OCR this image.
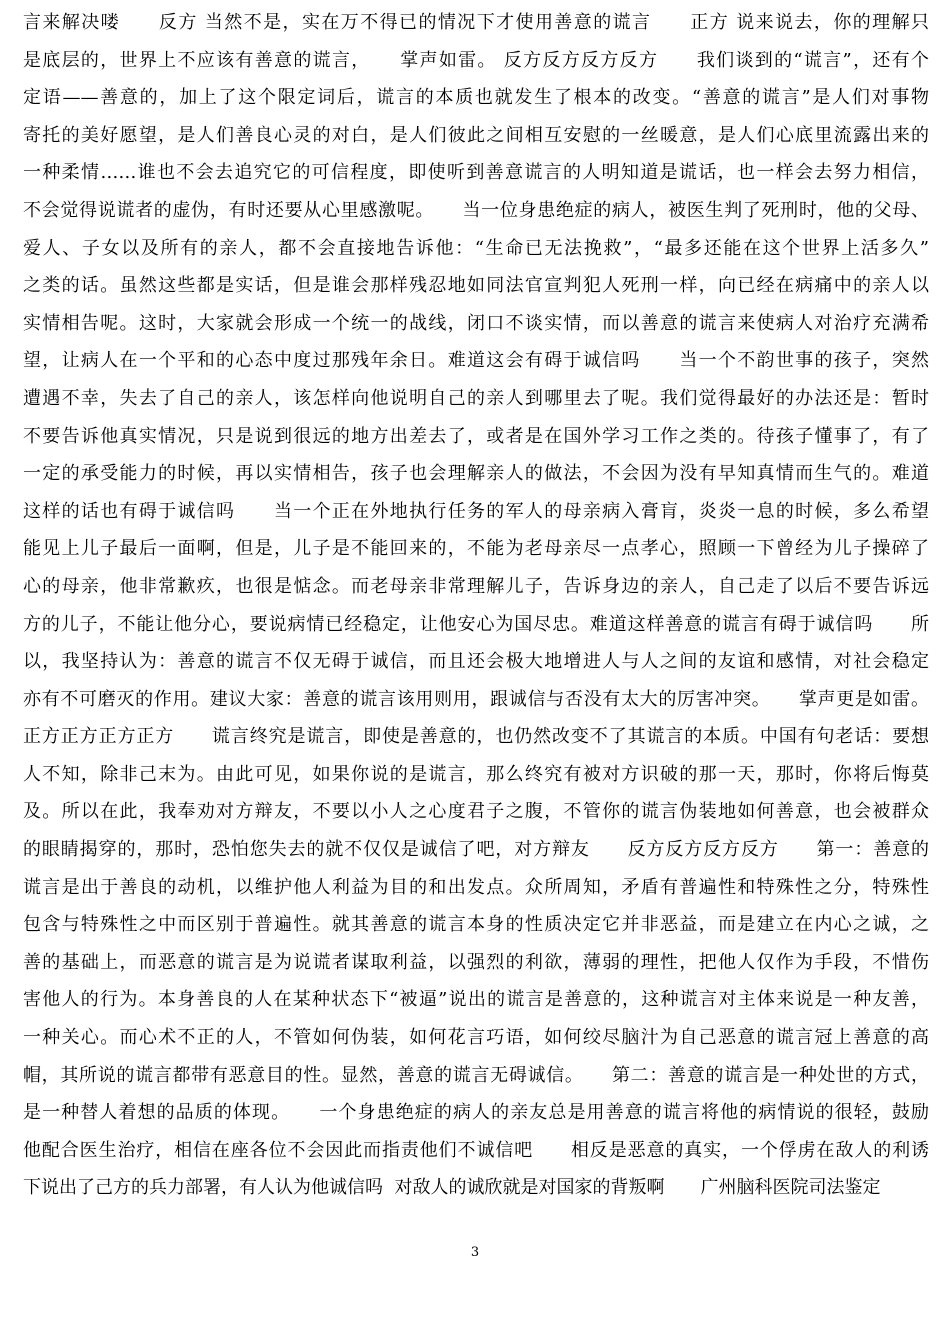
言来解决喽　　反方 当然不是，实在万不得已的情况下才使用善意的谎言　　正方 说来说去，你的理解只
是底层的，世界上不应该有善意的谎言，　　掌声如雷。 反方反方反方反方　　我们谈到的“谎言”，还有个
定语——善意的，加上了这个限定词后，谎言的本质也就发生了根本的改变。“善意的谎言”是人们对事物
寄托的美好愿望，是人们善良心灵的对白，是人们彼此之间相互安慰的一丝暖意，是人们心底里流露出来的
一种柔情……谁也不会去追究它的可信程度，即使听到善意谎言的人明知道是谎话，也一样会去努力相信，
不会觉得说谎者的虚伪，有时还要从心里感激呢。　　当一位身患绝症的病人，被医生判了死刑时，他的父母、
爱人、子女以及所有的亲人，都不会直接地告诉他：“生命已无法挽救”，“最多还能在这个世界上活多久”
之类的话。虽然这些都是实话，但是谁会那样残忍地如同法官宣判犯人死刑一样，向已经在病痛中的亲人以
实情相告呢。这时，大家就会形成一个统一的战线，闭口不谈实情，而以善意的谎言来使病人对治疗充满希
望，让病人在一个平和的心态中度过那残年余日。难道这会有碍于诚信吗　　当一个不韵世事的孩子，突然
遭遇不幸，失去了自己的亲人，该怎样向他说明自己的亲人到哪里去了呢。我们觉得最好的办法还是：暂时
不要告诉他真实情况，只是说到很远的地方出差去了，或者是在国外学习工作之类的。待孩子懂事了，有了
一定的承受能力的时候，再以实情相告，孩子也会理解亲人的做法，不会因为没有早知真情而生气的。难道
这样的话也有碍于诚信吗　　当一个正在外地执行任务的军人的母亲病入膏肓，炎炎一息的时候，多么希望
能见上儿子最后一面啊，但是，儿子是不能回来的，不能为老母亲尽一点孝心，照顾一下曾经为儿子操碎了
心的母亲，他非常歉疚，也很是惦念。而老母亲非常理解儿子，告诉身边的亲人，自己走了以后不要告诉远
方的儿子，不能让他分心，要说病情已经稳定，让他安心为国尽忠。难道这样善意的谎言有碍于诚信吗　　所
以，我坚持认为：善意的谎言不仅无碍于诚信，而且还会极大地增进人与人之间的友谊和感情，对社会稳定
亦有不可磨灭的作用。建议大家：善意的谎言该用则用，跟诚信与否没有太大的厉害冲突。　　掌声更是如雷。
正方正方正方正方　　谎言终究是谎言，即使是善意的，也仍然改变不了其谎言的本质。中国有句老话：要想
人不知，除非己末为。由此可见，如果你说的是谎言，那么终究有被对方识破的那一天，那时，你将后悔莫
及。所以在此，我奉劝对方辩友，不要以小人之心度君子之腹，不管你的谎言伪装地如何善意，也会被群众
的眼睛揭穿的，那时，恐怕您失去的就不仅仅是诚信了吧，对方辩友　　反方反方反方反方　　第一：善意的
谎言是出于善良的动机，以维护他人利益为目的和出发点。众所周知，矛盾有普遍性和特殊性之分，特殊性
包含与特殊性之中而区别于普遍性。就其善意的谎言本身的性质决定它并非恶益，而是建立在内心之诚，之
善的基础上，而恶意的谎言是为说谎者谋取利益，以强烈的利欲，薄弱的理性，把他人仅作为手段，不惜伤
害他人的行为。本身善良的人在某种状态下“被逼”说出的谎言是善意的，这种谎言对主体来说是一种友善，
一种关心。而心术不正的人，不管如何伪装，如何花言巧语，如何绞尽脑汁为自己恶意的谎言冠上善意的高
帽，其所说的谎言都带有恶意目的性。显然，善意的谎言无碍诚信。　　第二：善意的谎言是一种处世的方式，
是一种替人着想的品质的体现。　　一个身患绝症的病人的亲友总是用善意的谎言将他的病情说的很轻，鼓励
他配合医生治疗，相信在座各位不会因此而指责他们不诚信吧　　相反是恶意的真实，一个俘虏在敌人的利诱
下说出了己方的兵力部署，有人认为他诚信吗  对敌人的诚欣就是对国家的背叛啊　　广州脑科医院司法鉴定
3
